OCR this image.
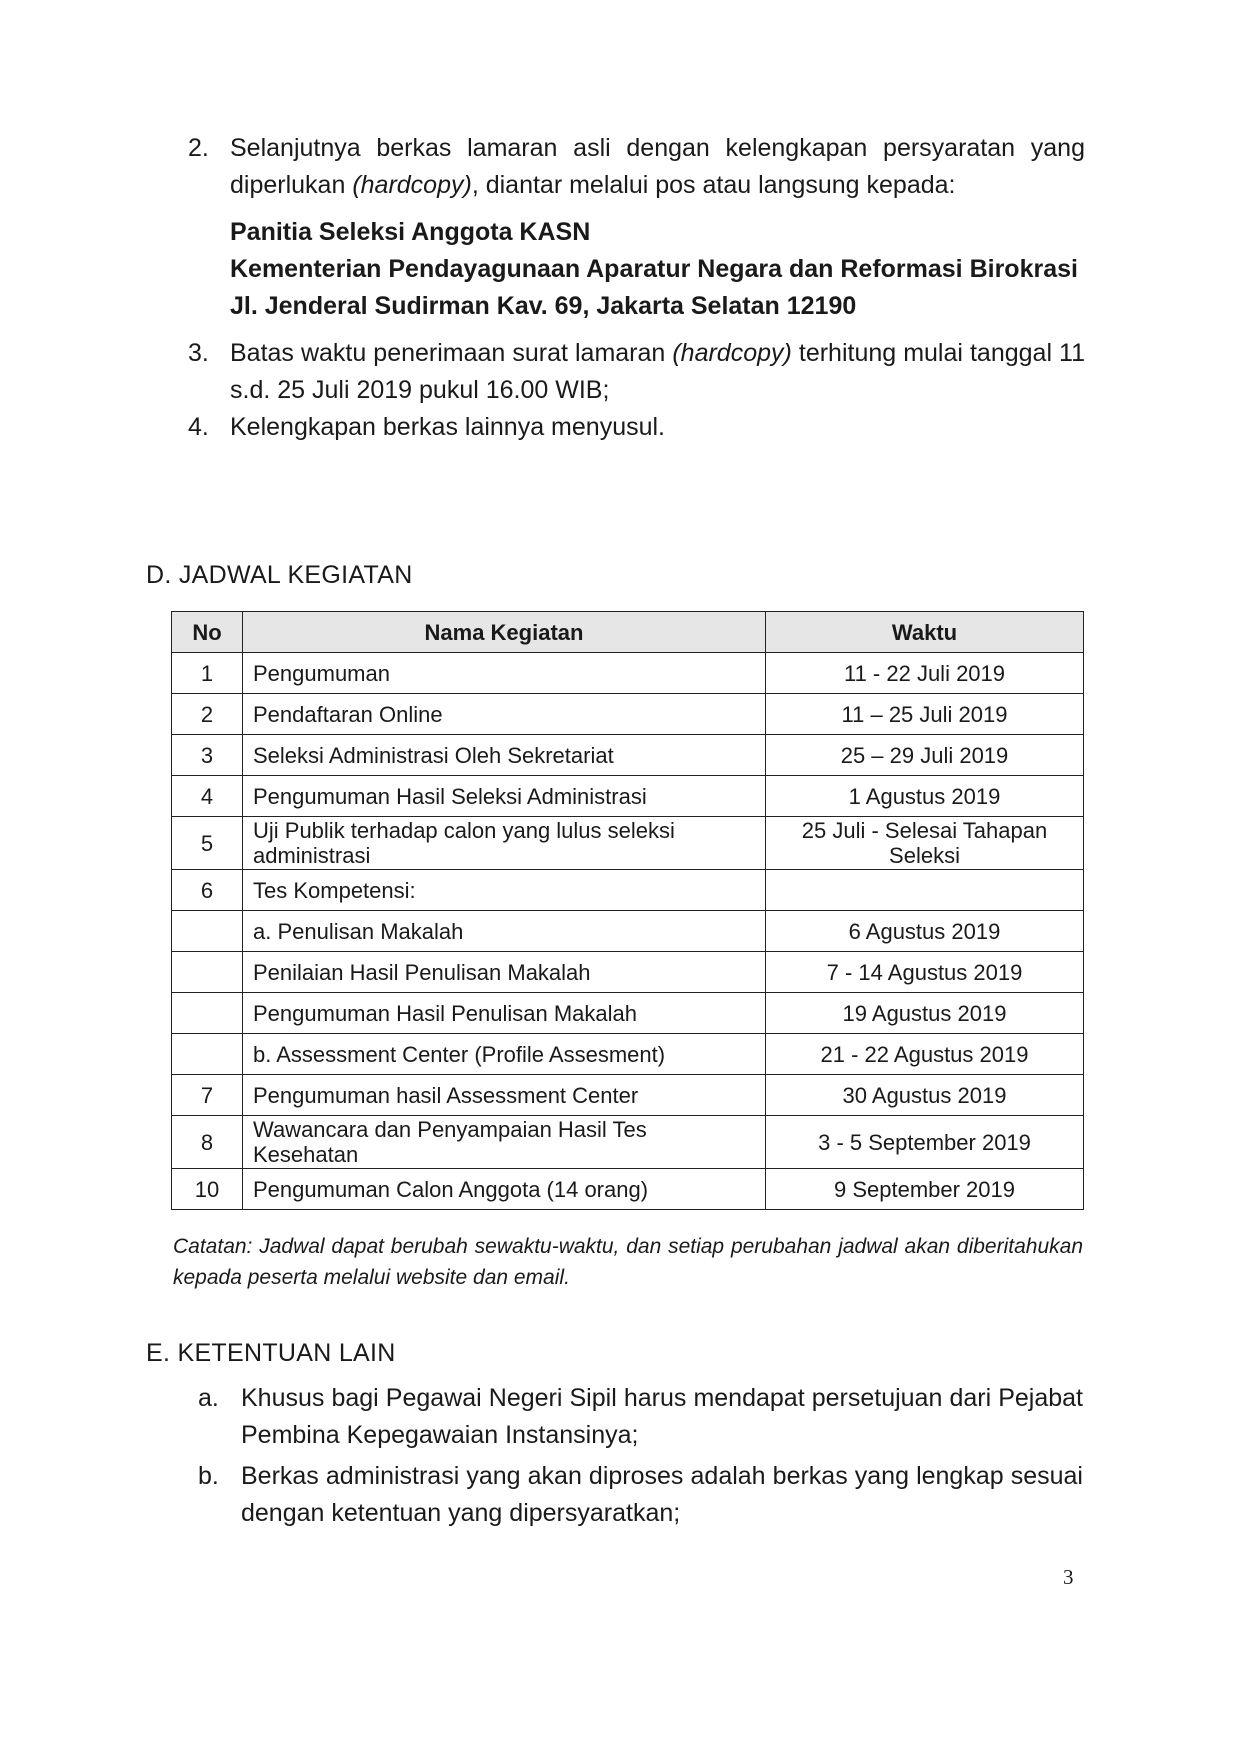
2. Selanjutnya berkas lamaran asli dengan kelengkapan persyaratan yang diperlukan (hardcopy), diantar melalui pos atau langsung kepada:
Panitia Seleksi Anggota KASN
Kementerian Pendayagunaan Aparatur Negara dan Reformasi Birokrasi
Jl. Jenderal Sudirman Kav. 69, Jakarta Selatan 12190
3. Batas waktu penerimaan surat lamaran (hardcopy) terhitung mulai tanggal 11 s.d. 25 Juli 2019 pukul 16.00 WIB;
4. Kelengkapan berkas lainnya menyusul.
D. JADWAL KEGIATAN
No	Nama Kegiatan	Waktu
1	Pengumuman	11 - 22 Juli 2019
2	Pendaftaran Online	11 – 25 Juli 2019
3	Seleksi Administrasi Oleh Sekretariat	25 – 29 Juli 2019
4	Pengumuman Hasil Seleksi Administrasi	1 Agustus 2019
5	Uji Publik terhadap calon yang lulus seleksi administrasi	25 Juli - Selesai Tahapan Seleksi
6	Tes Kompetensi:	
	a. Penulisan Makalah	6 Agustus 2019
	Penilaian Hasil Penulisan Makalah	7 - 14 Agustus 2019
	Pengumuman Hasil Penulisan Makalah	19 Agustus 2019
	b. Assessment Center (Profile Assesment)	21 - 22 Agustus 2019
7	Pengumuman hasil Assessment Center	30 Agustus 2019
8	Wawancara dan Penyampaian Hasil Tes Kesehatan	3 - 5 September 2019
10	Pengumuman Calon Anggota (14 orang)	9 September 2019
Catatan: Jadwal dapat berubah sewaktu-waktu, dan setiap perubahan jadwal akan diberitahukan kepada peserta melalui website dan email.
E. KETENTUAN LAIN
a. Khusus bagi Pegawai Negeri Sipil harus mendapat persetujuan dari Pejabat Pembina Kepegawaian Instansinya;
b. Berkas administrasi yang akan diproses adalah berkas yang lengkap sesuai dengan ketentuan yang dipersyaratkan;
3
